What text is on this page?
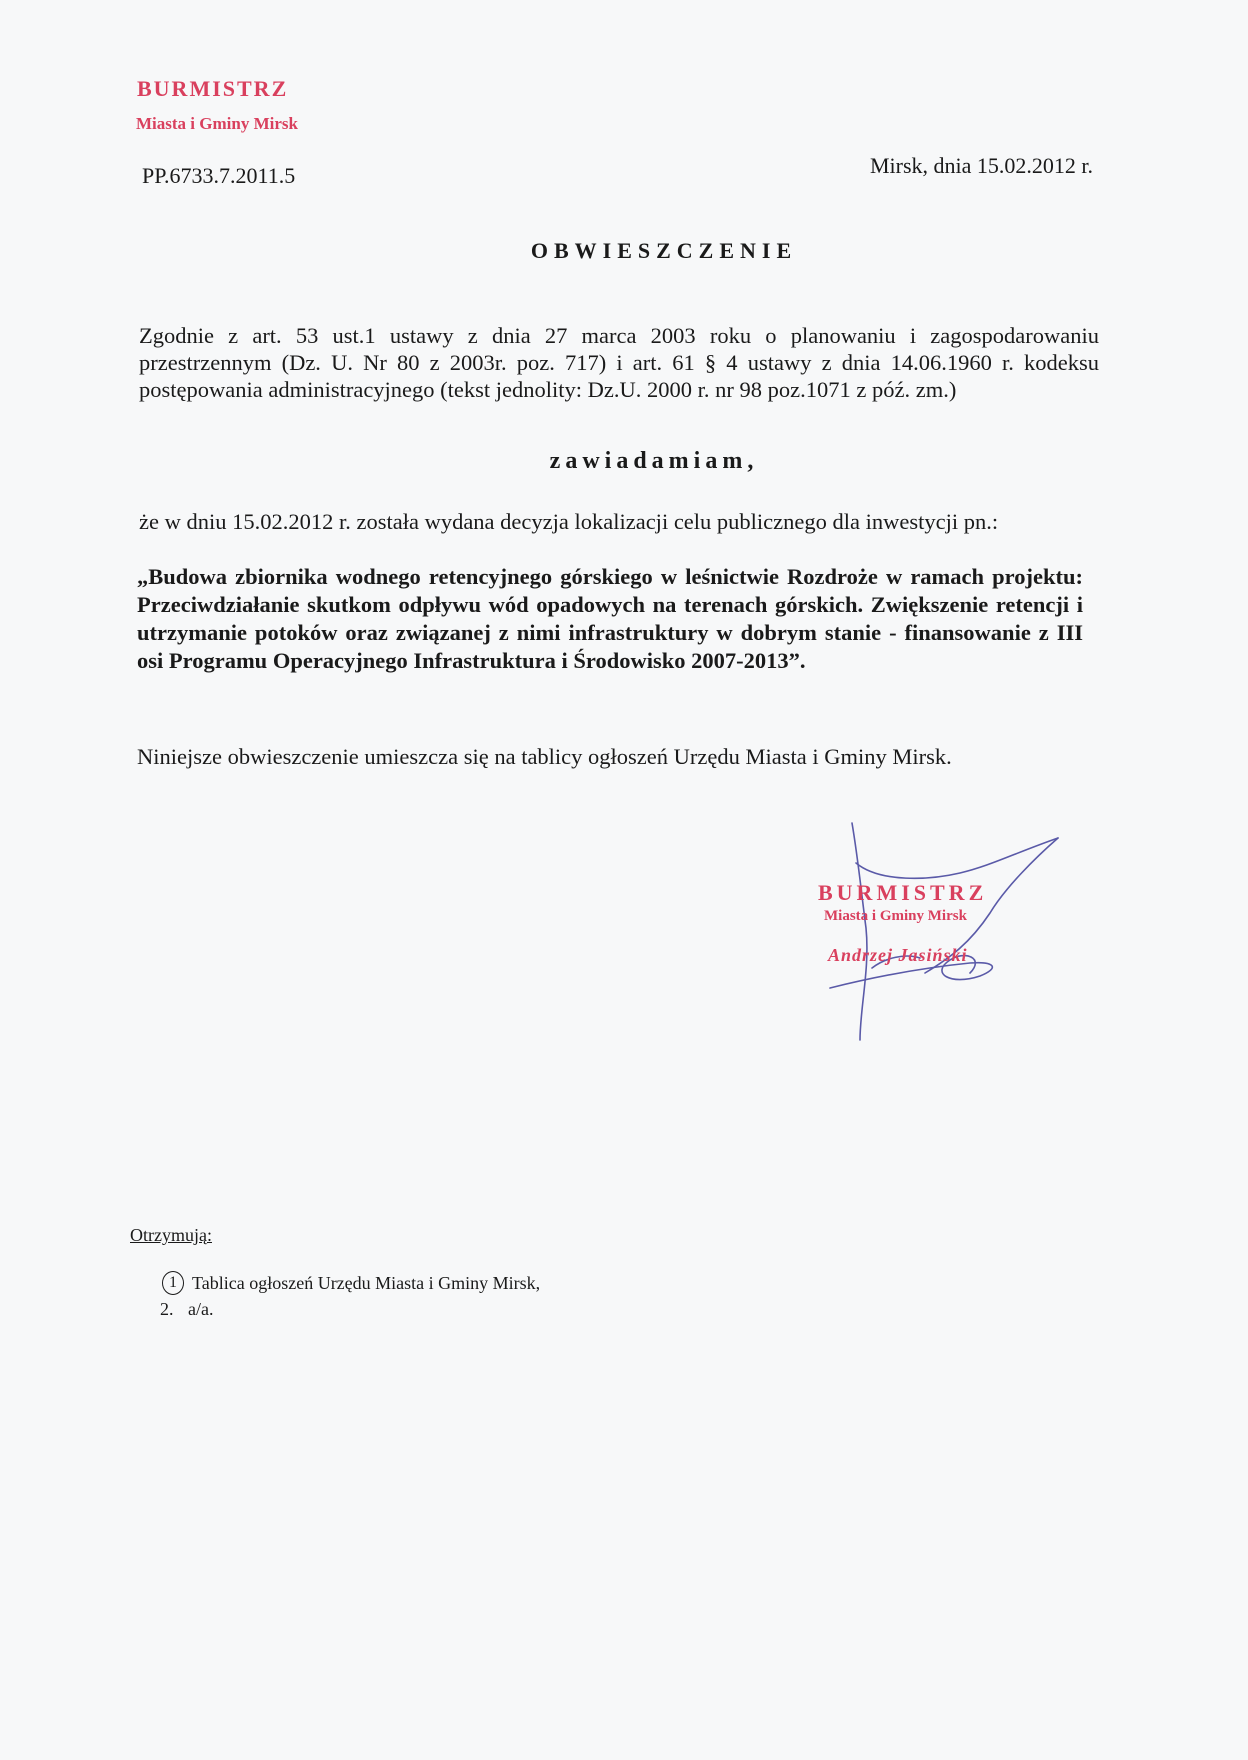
BURMISTRZ
Miasta i Gminy Mirsk
PP.6733.7.2011.5	Mirsk, dnia 15.02.2012 r.
OBWIESZCZENIE

Zgodnie z art. 53 ust.1 ustawy z dnia 27 marca 2003 roku o planowaniu i zagospodarowaniu przestrzennym (Dz. U. Nr 80 z 2003r. poz. 717) i art. 61 § 4 ustawy z dnia 14.06.1960 r. kodeksu postępowania administracyjnego (tekst jednolity: Dz.U. 2000 r. nr 98 poz.1071 z póź. zm.)

zawiadamiam,

że w dniu 15.02.2012 r. została wydana decyzja lokalizacji celu publicznego dla inwestycji pn.:

„Budowa zbiornika wodnego retencyjnego górskiego w leśnictwie Rozdroże w ramach projektu: Przeciwdziałanie skutkom odpływu wód opadowych na terenach górskich. Zwiększenie retencji i utrzymanie potoków oraz związanej z nimi infrastruktury w dobrym stanie - finansowanie z III osi Programu Operacyjnego Infrastruktura i Środowisko 2007-2013”.

Niniejsze obwieszczenie umieszcza się na tablicy ogłoszeń Urzędu Miasta i Gminy Mirsk.

BURMISTRZ
Miasta i Gminy Mirsk
Andrzej Jasiński
Otrzymują:
1 Tablica ogłoszeń Urzędu Miasta i Gminy Mirsk,
2. a/a.
